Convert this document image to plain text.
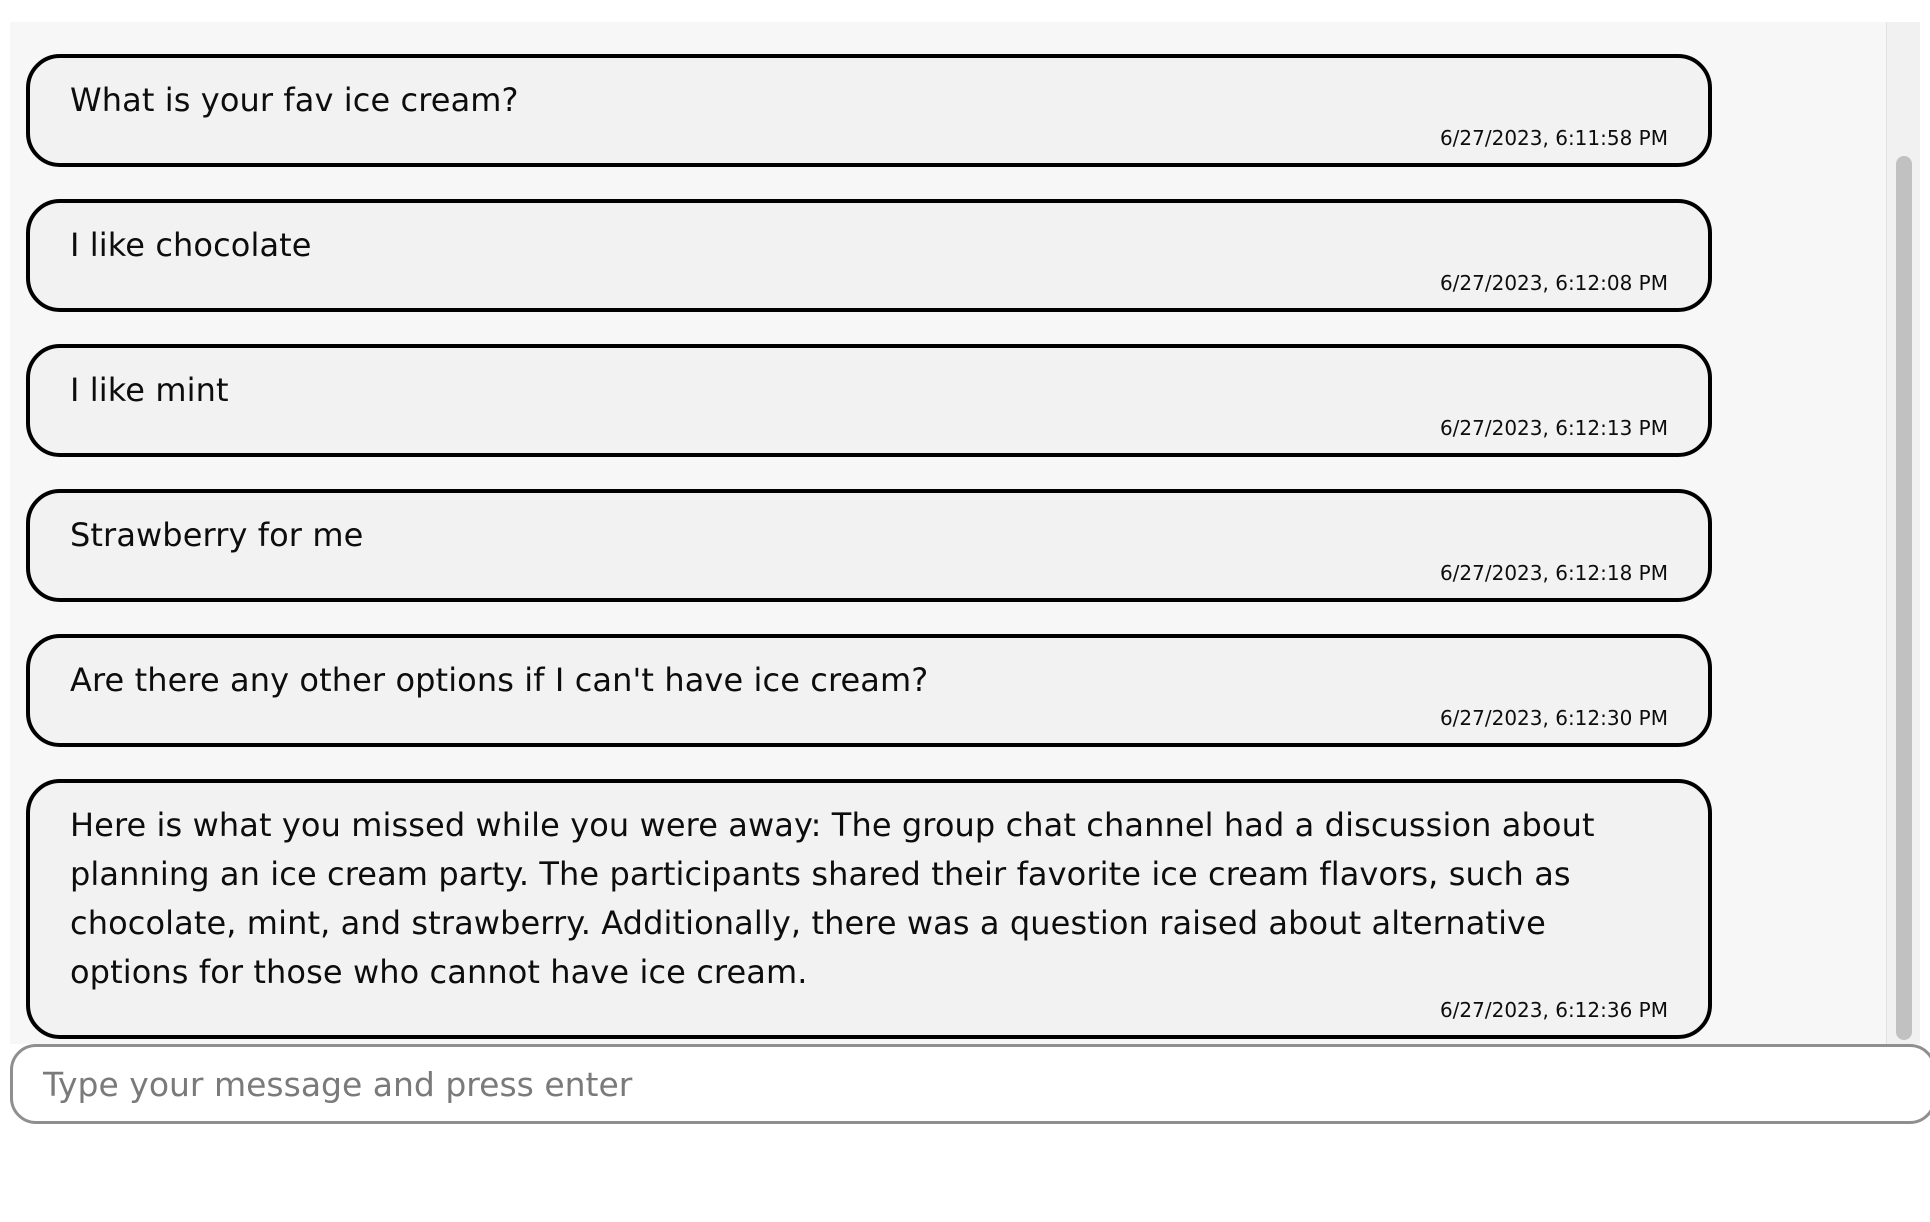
What is your fav ice cream?
6/27/2023, 6:11:58 PM
I like chocolate
6/27/2023, 6:12:08 PM
I like mint
6/27/2023, 6:12:13 PM
Strawberry for me
6/27/2023, 6:12:18 PM
Are there any other options if I can't have ice cream?
6/27/2023, 6:12:30 PM
Here is what you missed while you were away: The group chat channel had a discussion about planning an ice cream party. The participants shared their favorite ice cream flavors, such as chocolate, mint, and strawberry. Additionally, there was a question raised about alternative options for those who cannot have ice cream.
6/27/2023, 6:12:36 PM
Type your message and press enter
